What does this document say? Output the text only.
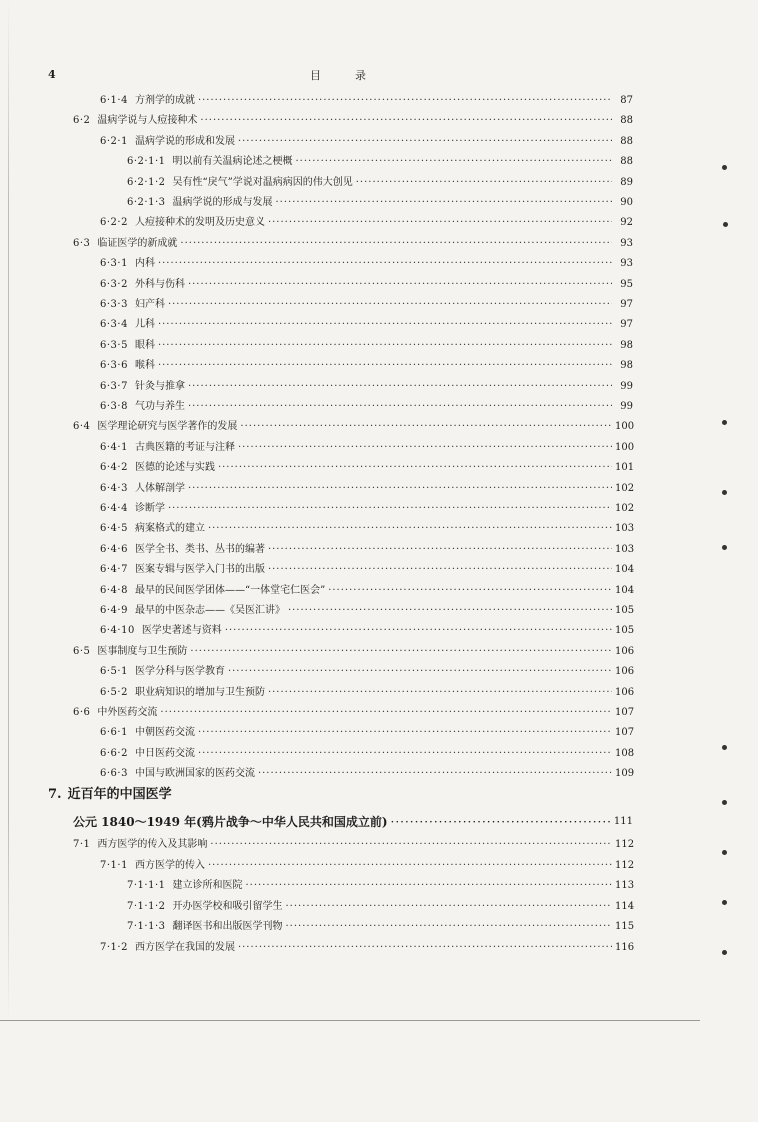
4	目录
6·1·4 方剂学的成就 ·····	87
6·2 温病学说与人痘接种术 ·····	88
6·2·1 温病学说的形成和发展 ·····	88
6·2·1·1 明以前有关温病论述之梗概 ·····	88
6·2·1·2 吴有性“戾气”学说对温病病因的伟大创见 ·····	89
6·2·1·3 温病学说的形成与发展 ·····	90
6·2·2 人痘接种术的发明及历史意义 ·····	92
6·3 临证医学的新成就 ·····	93
6·3·1 内科 ·····	93
6·3·2 外科与伤科 ·····	95
6·3·3 妇产科 ·····	97
6·3·4 儿科 ·····	97
6·3·5 眼科 ·····	98
6·3·6 喉科 ·····	98
6·3·7 针灸与推拿 ·····	99
6·3·8 气功与养生 ·····	99
6·4 医学理论研究与医学著作的发展 ·····	100
6·4·1 古典医籍的考证与注释 ·····	100
6·4·2 医德的论述与实践 ·····	101
6·4·3 人体解剖学 ·····	102
6·4·4 诊断学 ·····	102
6·4·5 病案格式的建立 ·····	103
6·4·6 医学全书、类书、丛书的编著 ·····	103
6·4·7 医案专辑与医学入门书的出版 ·····	104
6·4·8 最早的民间医学团体——“一体堂宅仁医会” ·····	104
6·4·9 最早的中医杂志——《吴医汇讲》 ·····	105
6·4·10 医学史著述与资料 ·····	105
6·5 医事制度与卫生预防 ·····	106
6·5·1 医学分科与医学教育 ·····	106
6·5·2 职业病知识的增加与卫生预防 ·····	106
6·6 中外医药交流 ·····	107
6·6·1 中朝医药交流 ·····	107
6·6·2 中日医药交流 ·····	108
6·6·3 中国与欧洲国家的医药交流 ·····	109
7. 近百年的中国医学
公元 1840～1949 年(鸦片战争～中华人民共和国成立前) ·····	111
7·1 西方医学的传入及其影响 ·····	112
7·1·1 西方医学的传入 ·····	112
7·1·1·1 建立诊所和医院 ·····	113
7·1·1·2 开办医学校和吸引留学生 ·····	114
7·1·1·3 翻译医书和出版医学刊物 ·····	115
7·1·2 西方医学在我国的发展 ·····	116
